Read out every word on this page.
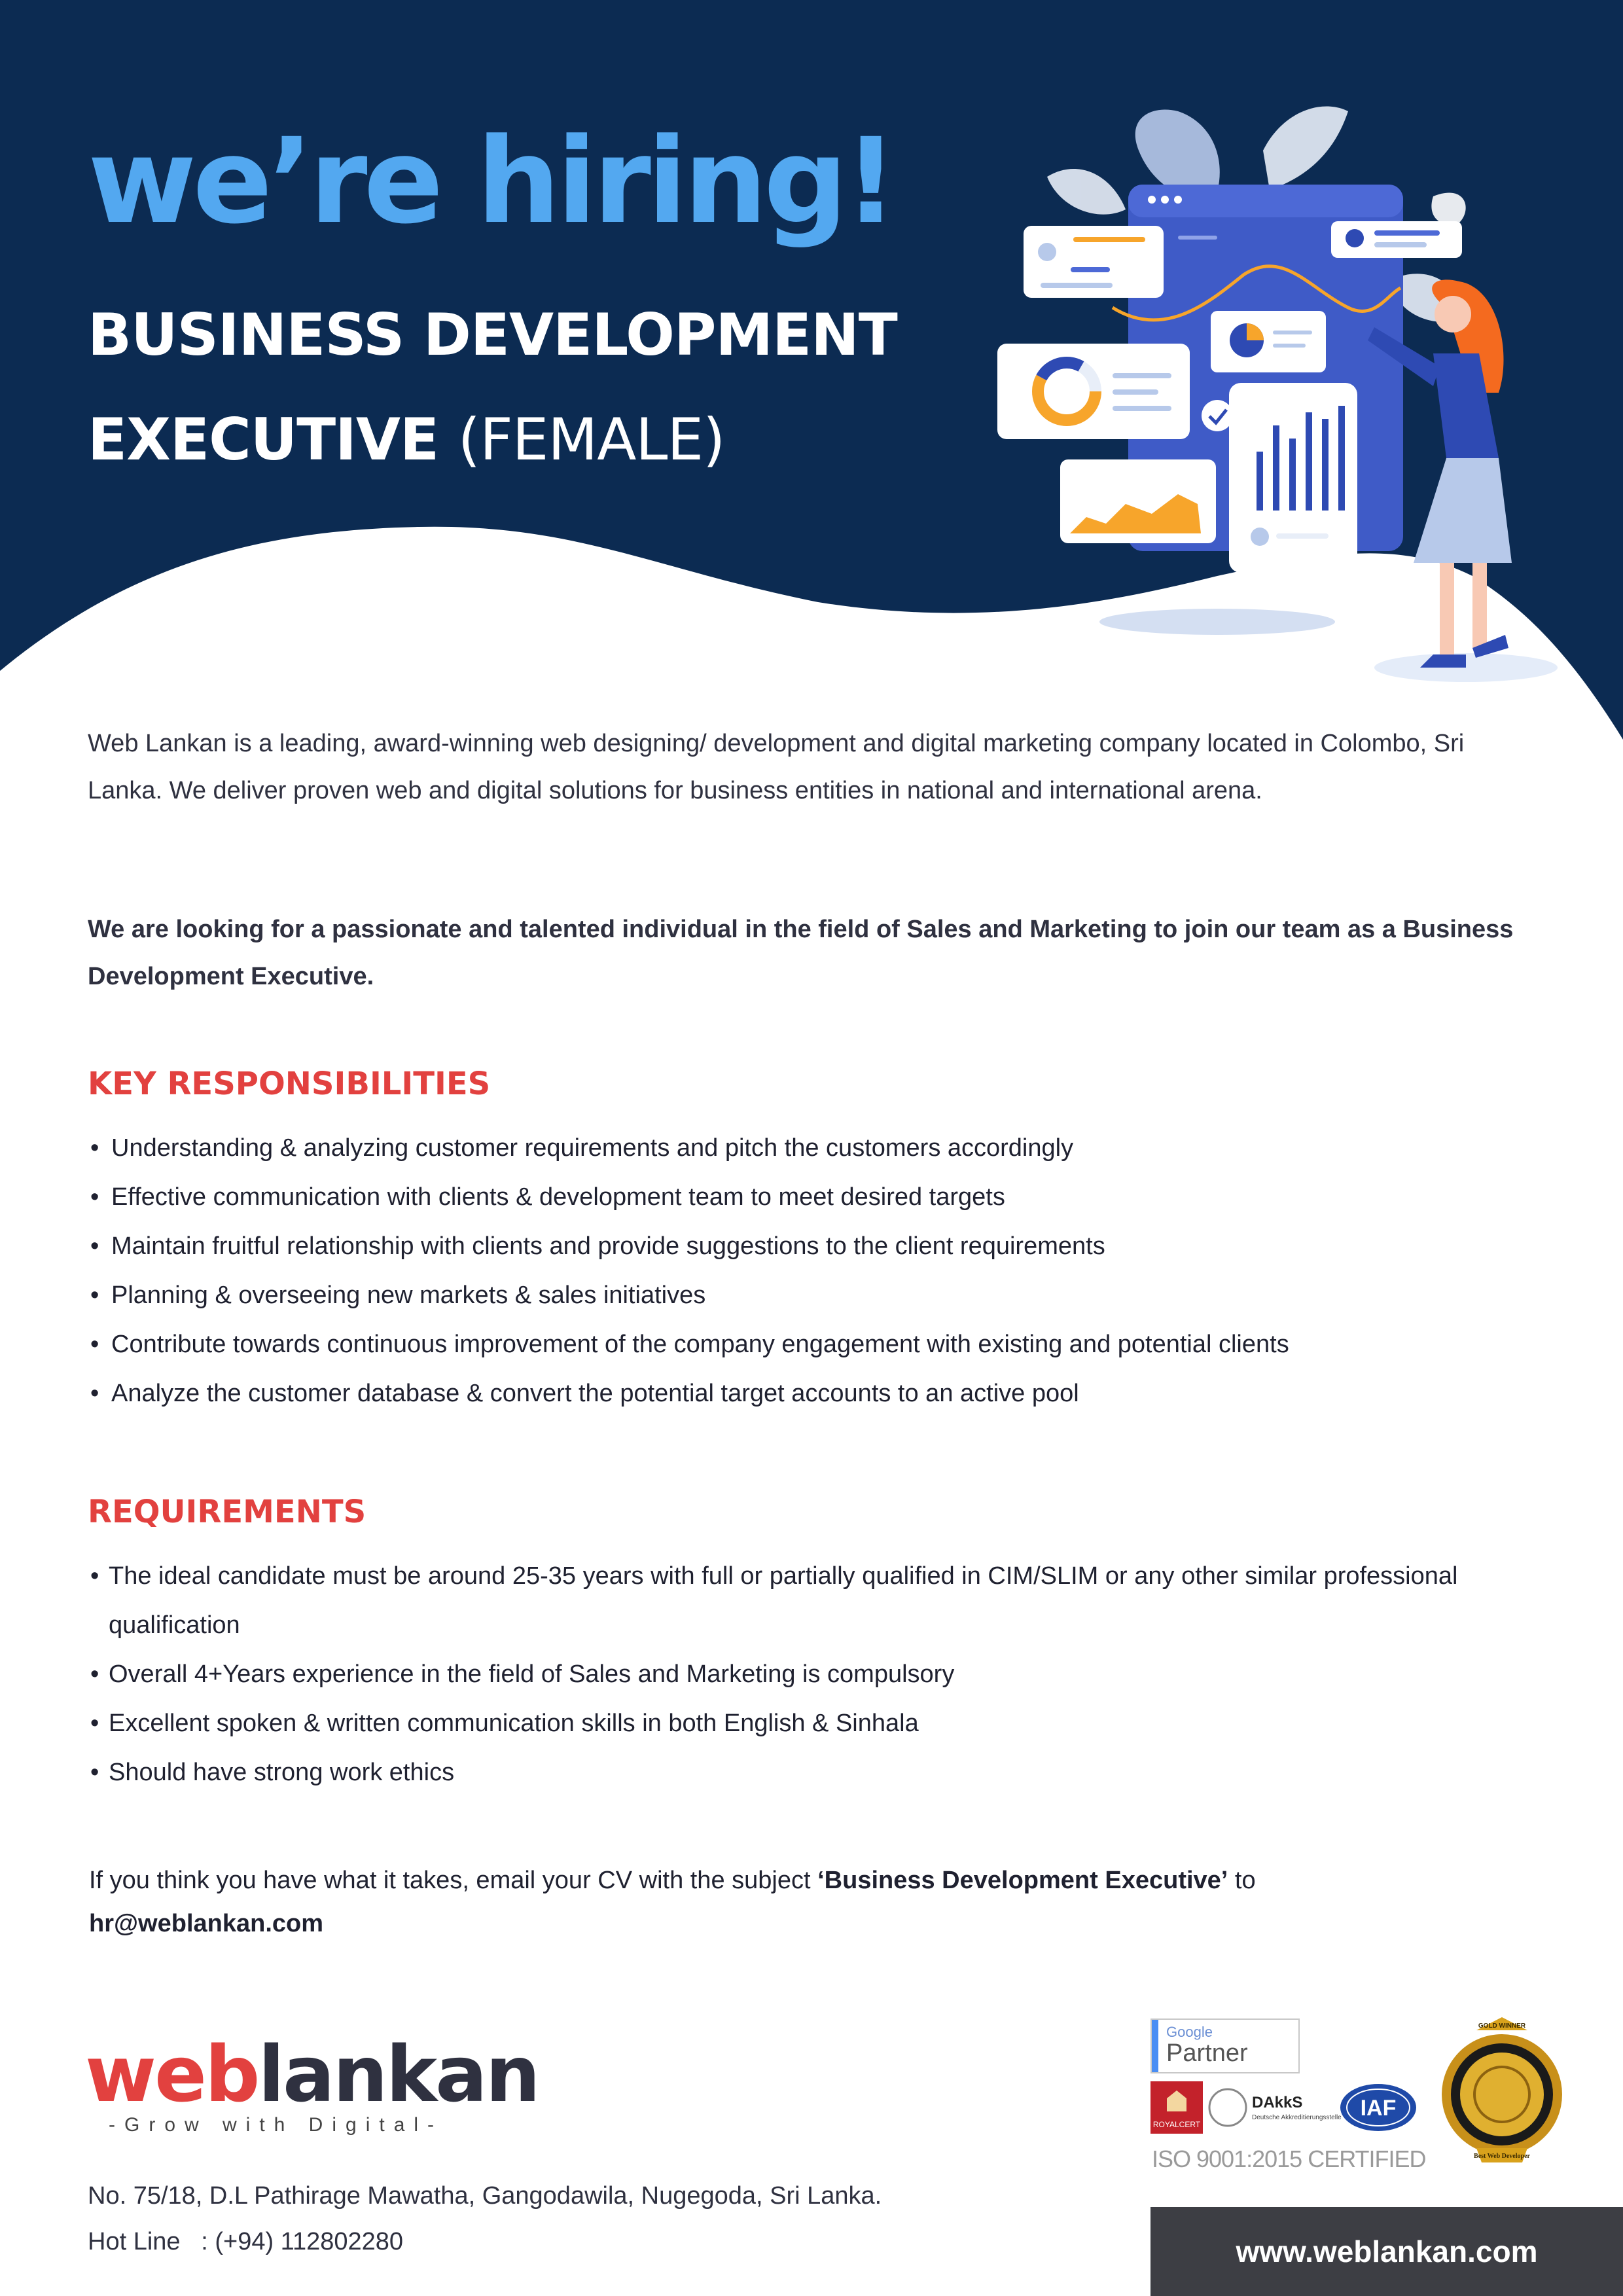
we’re hiring!
BUSINESS DEVELOPMENT
EXECUTIVE (FEMALE)
Web Lankan is a leading, award-winning web designing/ development and digital marketing company located in Colombo, Sri Lanka. We deliver proven web and digital solutions for business entities in national and international arena.
We are looking for a passionate and talented individual in the field of Sales and Marketing to join our team as a Business Development Executive.
KEY RESPONSIBILITIES
• Understanding & analyzing customer requirements and pitch the customers accordingly
• Effective communication with clients & development team to meet desired targets
• Maintain fruitful relationship with clients and provide suggestions to the client requirements
• Planning & overseeing new markets & sales initiatives
• Contribute towards continuous improvement of the company engagement with existing and potential clients
• Analyze the customer database & convert the potential target accounts to an active pool
REQUIREMENTS
• The ideal candidate must be around 25-35 years with full or partially qualified in CIM/SLIM or any other similar professional qualification
• Overall 4+Years experience in the field of Sales and Marketing is compulsory
• Excellent spoken & written communication skills in both English & Sinhala
• Should have strong work ethics
If you think you have what it takes, email your CV with the subject ‘Business Development Executive’ to
hr@weblankan.com
weblankan
-Grow with Digital-
No. 75/18, D.L Pathirage Mawatha, Gangodawila, Nugegoda, Sri Lanka.
Hot Line : (+94) 112802280
Google
Partner
ROYALCERT
DAkkS
Deutsche Akkreditierungsstelle IAF
ISO 9001:2015 CERTIFIED
GOLD WINNER
Best Web Developer
www.weblankan.com
